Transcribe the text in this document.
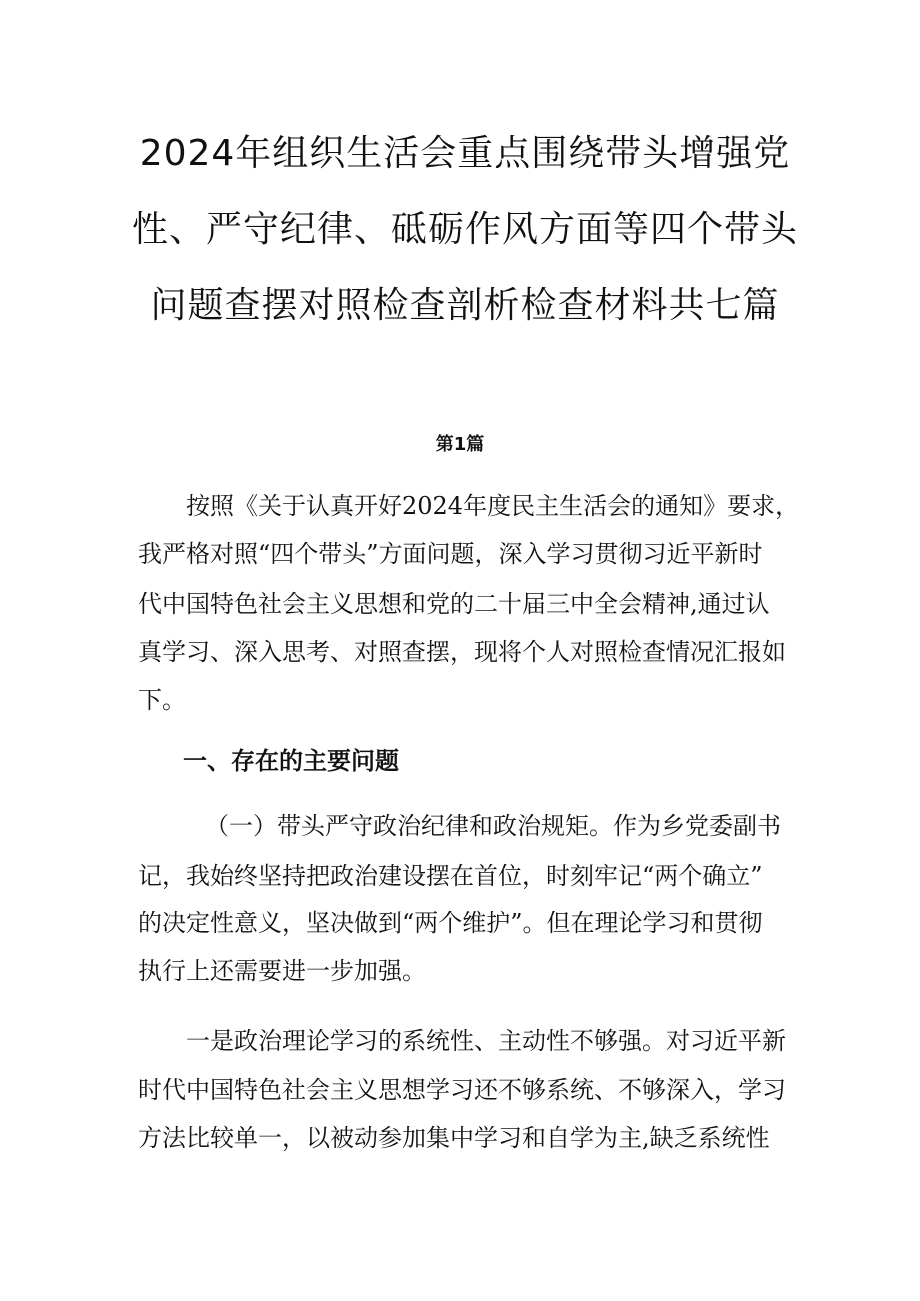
2024年组织生活会重点围绕带头增强党
性、严守纪律、砥砺作风方面等四个带头
问题查摆对照检查剖析检查材料共七篇
第1篇
按照《关于认真开好2024年度民主生活会的通知》要求，
我严格对照“四个带头”方面问题，深入学习贯彻习近平新时
代中国特色社会主义思想和党的二十届三中全会精神,通过认
真学习、深入思考、对照查摆，现将个人对照检查情况汇报如
下。
一、存在的主要问题
（一）带头严守政治纪律和政治规矩。作为乡党委副书
记，我始终坚持把政治建设摆在首位，时刻牢记“两个确立”
的决定性意义，坚决做到“两个维护”。但在理论学习和贯彻
执行上还需要进一步加强。
一是政治理论学习的系统性、主动性不够强。对习近平新
时代中国特色社会主义思想学习还不够系统、不够深入，学习
方法比较单一，以被动参加集中学习和自学为主,缺乏系统性
